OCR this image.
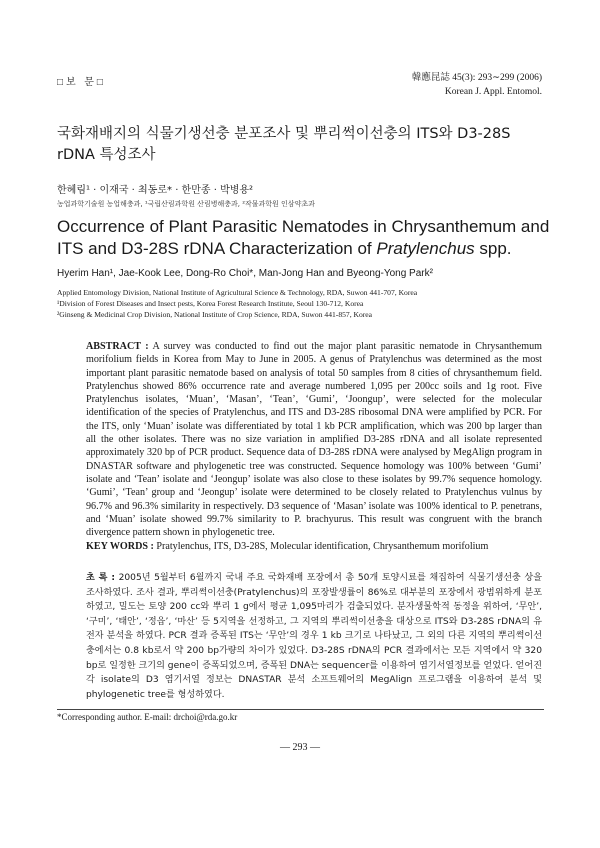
□보 문□	韓應昆誌 45(3): 293∼299 (2006)
Korean J. Appl. Entomol.
국화재배지의 식물기생선충 분포조사 및 뿌리썩이선충의 ITS와 D3-28S rDNA 특성조사
한혜림¹ · 이재국 · 최동로* · 한만종 · 박병용²
농업과학기술원 농업해충과, ¹국립산림과학원 산림병해충과, ²작물과학원 인삼약초과
Occurrence of Plant Parasitic Nematodes in Chrysanthemum and ITS and D3-28S rDNA Characterization of Pratylenchus spp.
Hyerim Han¹, Jae-Kook Lee, Dong-Ro Choi*, Man-Jong Han and Byeong-Yong Park²
Applied Entomology Division, National Institute of Agricultural Science & Technology, RDA, Suwon 441-707, Korea
¹Division of Forest Diseases and Insect pests, Korea Forest Research Institute, Seoul 130-712, Korea
²Ginseng & Medicinal Crop Division, National Institute of Crop Science, RDA, Suwon 441-857, Korea
ABSTRACT : A survey was conducted to find out the major plant parasitic nematode in Chrysanthemum morifolium fields in Korea from May to June in 2005. A genus of Pratylenchus was determined as the most important plant parasitic nematode based on analysis of total 50 samples from 8 cities of chrysanthemum field. Pratylenchus showed 86% occurrence rate and average numbered 1,095 per 200cc soils and 1g root. Five Pratylenchus isolates, ‘Muan’, ‘Masan’, ‘Tean’, ‘Gumi’, ‘Joongup’, were selected for the molecular identification of the species of Pratylenchus, and ITS and D3-28S ribosomal DNA were amplified by PCR. For the ITS, only ‘Muan’ isolate was differentiated by total 1 kb PCR amplification, which was 200 bp larger than all the other isolates. There was no size variation in amplified D3-28S rDNA and all isolate represented approximately 320 bp of PCR product. Sequence data of D3-28S rDNA were analysed by MegAlign program in DNASTAR software and phylogenetic tree was constructed. Sequence homology was 100% between ‘Gumi’ isolate and ‘Tean’ isolate and ‘Jeongup’ isolate was also close to these isolates by 99.7% sequence homology. ‘Gumi’, ‘Tean’ group and ‘Jeongup’ isolate were determined to be closely related to Pratylenchus vulnus by 96.7% and 96.3% similarity in respectively. D3 sequence of ‘Masan’ isolate was 100% identical to P. penetrans, and ‘Muan’ isolate showed 99.7% similarity to P. brachyurus. This result was congruent with the branch divergence pattern shown in phylogenetic tree.
KEY WORDS : Pratylenchus, ITS, D3-28S, Molecular identification, Chrysanthemum morifolium
초 록 : 2005년 5월부터 6월까지 국내 주요 국화재배 포장에서 총 50개 토양시료를 채집하여 식물기생선충 상을 조사하였다. 조사 결과, 뿌리썩이선충(Pratylenchus)의 포장발생률이 86%로 대부분의 포장에서 광범위하게 분포하였고, 밀도는 토양 200 cc와 뿌리 1 g에서 평균 1,095마리가 검출되었다. 분자생물학적 동정을 위하여, ‘무안’, ‘구미’, ‘태안’, ‘정읍’, ‘마산’ 등 5지역을 선정하고, 그 지역의 뿌리썩이선충을 대상으로 ITS와 D3-28S rDNA의 유전자 분석을 하였다. PCR 결과 증폭된 ITS는 ‘무안’의 경우 1 kb 크기로 나타났고, 그 외의 다른 지역의 뿌리썩이선충에서는 0.8 kb로서 약 200 bp가량의 차이가 있었다. D3-28S rDNA의 PCR 결과에서는 모든 지역에서 약 320 bp로 일정한 크기의 gene이 증폭되었으며, 증폭된 DNA는 sequencer를 이용하여 염기서열정보를 얻었다. 얻어진 각 isolate의 D3 염기서열 정보는 DNASTAR 분석 소프트웨어의 MegAlign 프로그램을 이용하여 분석 및 phylogenetic tree를 형성하였다.
*Corresponding author. E-mail: drchoi@rda.go.kr
— 293 —
